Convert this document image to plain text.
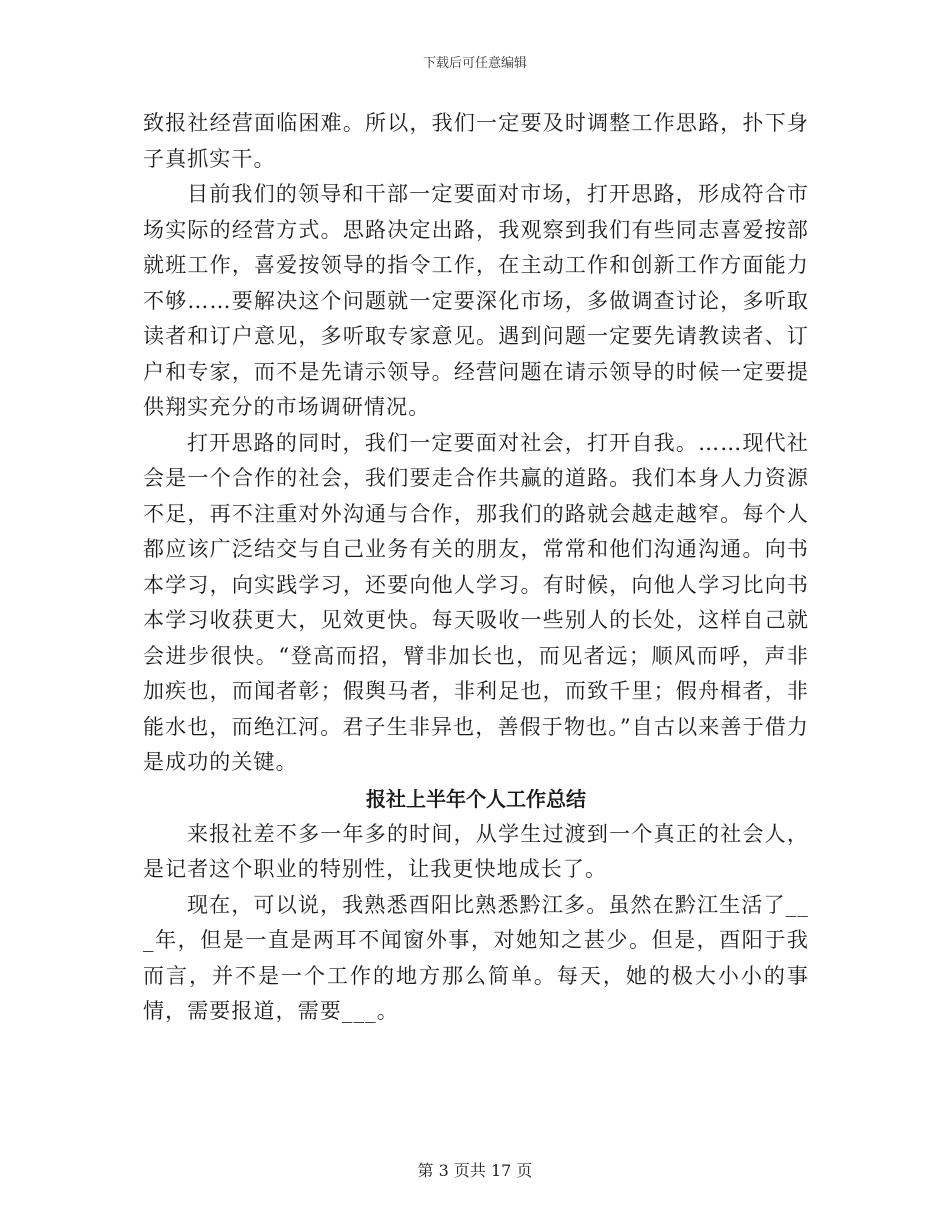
下载后可任意编辑

致报社经营面临困难。所以，我们一定要及时调整工作思路，扑下身子真抓实干。

目前我们的领导和干部一定要面对市场，打开思路，形成符合市场实际的经营方式。思路决定出路，我观察到我们有些同志喜爱按部就班工作，喜爱按领导的指令工作，在主动工作和创新工作方面能力不够……要解决这个问题就一定要深化市场，多做调查讨论，多听取读者和订户意见，多听取专家意见。遇到问题一定要先请教读者、订户和专家，而不是先请示领导。经营问题在请示领导的时候一定要提供翔实充分的市场调研情况。

打开思路的同时，我们一定要面对社会，打开自我。……现代社会是一个合作的社会，我们要走合作共赢的道路。我们本身人力资源不足，再不注重对外沟通与合作，那我们的路就会越走越窄。每个人都应该广泛结交与自己业务有关的朋友，常常和他们沟通沟通。向书本学习，向实践学习，还要向他人学习。有时候，向他人学习比向书本学习收获更大，见效更快。每天吸收一些别人的长处，这样自己就会进步很快。“登高而招，臂非加长也，而见者远；顺风而呼，声非加疾也，而闻者彰；假舆马者，非利足也，而致千里；假舟楫者，非能水也，而绝江河。君子生非异也，善假于物也。”自古以来善于借力是成功的关键。

报社上半年个人工作总结

来报社差不多一年多的时间，从学生过渡到一个真正的社会人，是记者这个职业的特别性，让我更快地成长了。

现在，可以说，我熟悉酉阳比熟悉黔江多。虽然在黔江生活了___年，但是一直是两耳不闻窗外事，对她知之甚少。但是，酉阳于我而言，并不是一个工作的地方那么简单。每天，她的极大小小的事情，需要报道，需要___。

第 3 页共 17 页
